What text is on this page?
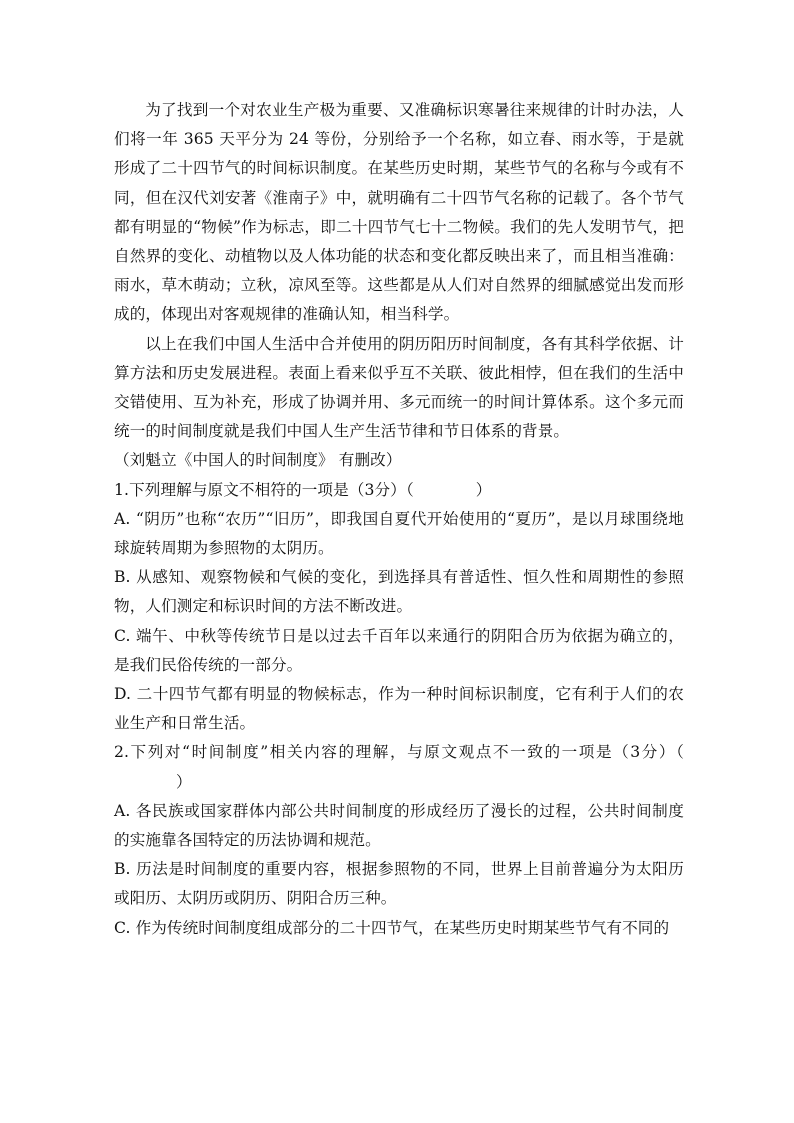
为了找到一个对农业生产极为重要、又准确标识寒暑往来规律的计时办法，人们将一年 365 天平分为 24 等份，分别给予一个名称，如立春、雨水等，于是就形成了二十四节气的时间标识制度。在某些历史时期，某些节气的名称与今或有不同，但在汉代刘安著《淮南子》中，就明确有二十四节气名称的记载了。各个节气都有明显的“物候”作为标志，即二十四节气七十二物候。我们的先人发明节气，把自然界的变化、动植物以及人体功能的状态和变化都反映出来了，而且相当准确：雨水，草木萌动；立秋，凉风至等。这些都是从人们对自然界的细腻感觉出发而形成的，体现出对客观规律的准确认知，相当科学。

以上在我们中国人生活中合并使用的阴历阳历时间制度，各有其科学依据、计算方法和历史发展进程。表面上看来似乎互不关联、彼此相悖，但在我们的生活中交错使用、互为补充，形成了协调并用、多元而统一的时间计算体系。这个多元而统一的时间制度就是我们中国人生产生活节律和节日体系的背景。

（刘魁立《中国人的时间制度》 有删改）

1.下列理解与原文不相符的一项是（3分）（	）

A. “阴历”也称“农历”“旧历”，即我国自夏代开始使用的“夏历”，是以月球围绕地球旋转周期为参照物的太阴历。

B. 从感知、观察物候和气候的变化，到选择具有普适性、恒久性和周期性的参照物，人们测定和标识时间的方法不断改进。

C. 端午、中秋等传统节日是以过去千百年以来通行的阴阳合历为依据为确立的，是我们民俗传统的一部分。

D. 二十四节气都有明显的物候标志，作为一种时间标识制度，它有利于人们的农业生产和日常生活。

2.下列对“时间制度”相关内容的理解，与原文观点不一致的一项是（3分）（）

A. 各民族或国家群体内部公共时间制度的形成经历了漫长的过程，公共时间制度的实施靠各国特定的历法协调和规范。

B. 历法是时间制度的重要内容，根据参照物的不同，世界上目前普遍分为太阳历或阳历、太阴历或阴历、阴阳合历三种。

C. 作为传统时间制度组成部分的二十四节气，在某些历史时期某些节气有不同的
